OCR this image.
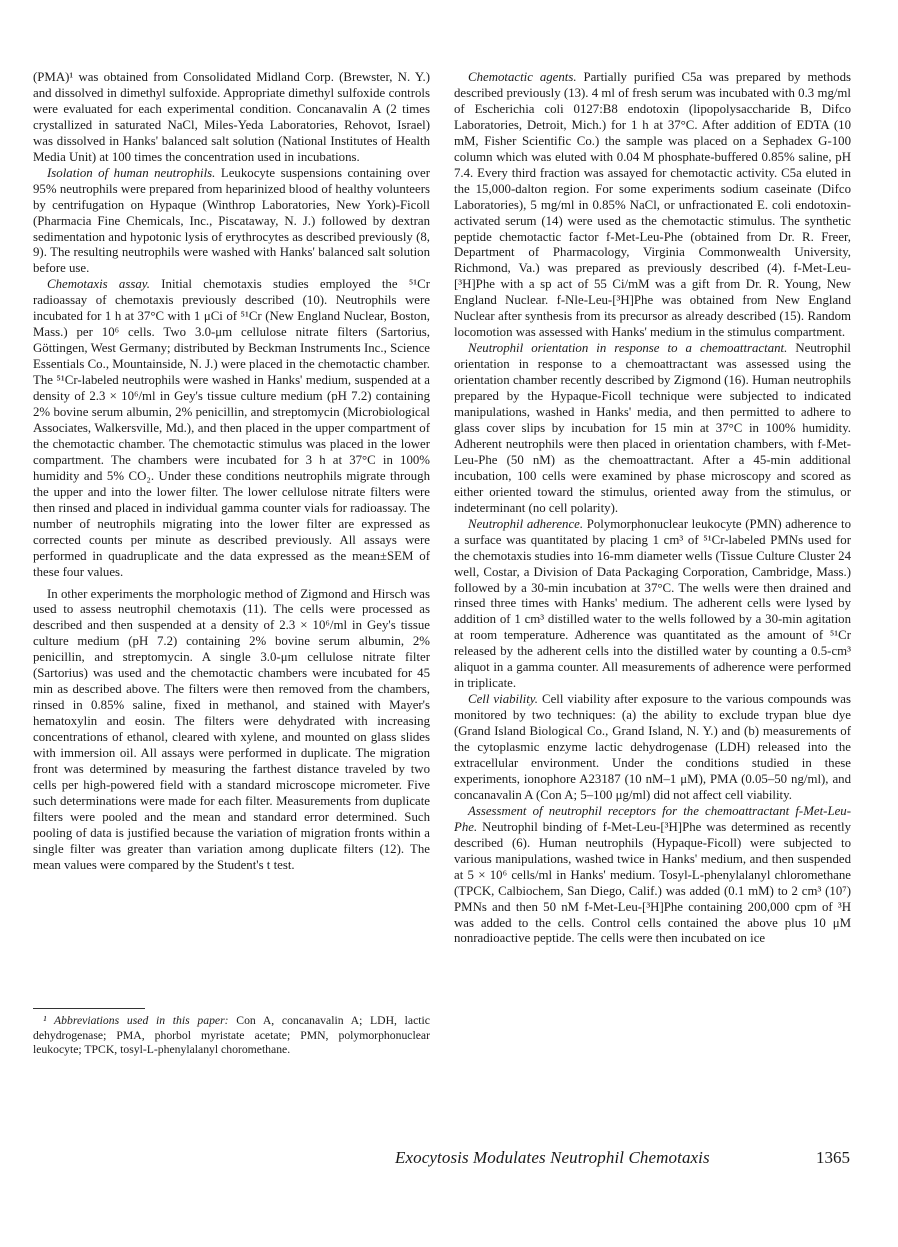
(PMA)¹ was obtained from Consolidated Midland Corp. (Brewster, N. Y.) and dissolved in dimethyl sulfoxide. Appropriate dimethyl sulfoxide controls were evaluated for each experimental condition. Concanavalin A (2 times crystallized in saturated NaCl, Miles-Yeda Laboratories, Rehovot, Israel) was dissolved in Hanks' balanced salt solution (National Institutes of Health Media Unit) at 100 times the concentration used in incubations.

Isolation of human neutrophils. Leukocyte suspensions containing over 95% neutrophils were prepared from heparinized blood of healthy volunteers by centrifugation on Hypaque (Winthrop Laboratories, New York)-Ficoll (Pharmacia Fine Chemicals, Inc., Piscataway, N. J.) followed by dextran sedimentation and hypotonic lysis of erythrocytes as described previously (8, 9). The resulting neutrophils were washed with Hanks' balanced salt solution before use.

Chemotaxis assay. Initial chemotaxis studies employed the ⁵¹Cr radioassay of chemotaxis previously described (10). Neutrophils were incubated for 1 h at 37°C with 1 μCi of ⁵¹Cr (New England Nuclear, Boston, Mass.) per 10⁶ cells. Two 3.0-μm cellulose nitrate filters (Sartorius, Göttingen, West Germany; distributed by Beckman Instruments Inc., Science Essentials Co., Mountainside, N. J.) were placed in the chemotactic chamber. The ⁵¹Cr-labeled neutrophils were washed in Hanks' medium, suspended at a density of 2.3 × 10⁶/ml in Gey's tissue culture medium (pH 7.2) containing 2% bovine serum albumin, 2% penicillin, and streptomycin (Microbiological Associates, Walkersville, Md.), and then placed in the upper compartment of the chemotactic chamber. The chemotactic stimulus was placed in the lower compartment. The chambers were incubated for 3 h at 37°C in 100% humidity and 5% CO₂. Under these conditions neutrophils migrate through the upper and into the lower filter. The lower cellulose nitrate filters were then rinsed and placed in individual gamma counter vials for radioassay. The number of neutrophils migrating into the lower filter are expressed as corrected counts per minute as described previously. All assays were performed in quadruplicate and the data expressed as the mean±SEM of these four values.

In other experiments the morphologic method of Zigmond and Hirsch was used to assess neutrophil chemotaxis (11). The cells were processed as described and then suspended at a density of 2.3 × 10⁶/ml in Gey's tissue culture medium (pH 7.2) containing 2% bovine serum albumin, 2% penicillin, and streptomycin. A single 3.0-μm cellulose nitrate filter (Sartorius) was used and the chemotactic chambers were incubated for 45 min as described above. The filters were then removed from the chambers, rinsed in 0.85% saline, fixed in methanol, and stained with Mayer's hematoxylin and eosin. The filters were dehydrated with increasing concentrations of ethanol, cleared with xylene, and mounted on glass slides with immersion oil. All assays were performed in duplicate. The migration front was determined by measuring the farthest distance traveled by two cells per high-powered field with a standard microscope micrometer. Five such determinations were made for each filter. Measurements from duplicate filters were pooled and the mean and standard error determined. Such pooling of data is justified because the variation of migration fronts within a single filter was greater than variation among duplicate filters (12). The mean values were compared by the Student's t test.

¹ Abbreviations used in this paper: Con A, concanavalin A; LDH, lactic dehydrogenase; PMA, phorbol myristate acetate; PMN, polymorphonuclear leukocyte; TPCK, tosyl-L-phenylalanyl choromethane.

Chemotactic agents. Partially purified C5a was prepared by methods described previously (13). 4 ml of fresh serum was incubated with 0.3 mg/ml of Escherichia coli 0127:B8 endotoxin (lipopolysaccharide B, Difco Laboratories, Detroit, Mich.) for 1 h at 37°C. After addition of EDTA (10 mM, Fisher Scientific Co.) the sample was placed on a Sephadex G-100 column which was eluted with 0.04 M phosphate-buffered 0.85% saline, pH 7.4. Every third fraction was assayed for chemotactic activity. C5a eluted in the 15,000-dalton region. For some experiments sodium caseinate (Difco Laboratories), 5 mg/ml in 0.85% NaCl, or unfractionated E. coli endotoxin-activated serum (14) were used as the chemotactic stimulus. The synthetic peptide chemotactic factor f-Met-Leu-Phe (obtained from Dr. R. Freer, Department of Pharmacology, Virginia Commonwealth University, Richmond, Va.) was prepared as previously described (4). f-Met-Leu-[³H]Phe with a sp act of 55 Ci/mM was a gift from Dr. R. Young, New England Nuclear. f-Nle-Leu-[³H]Phe was obtained from New England Nuclear after synthesis from its precursor as already described (15). Random locomotion was assessed with Hanks' medium in the stimulus compartment.

Neutrophil orientation in response to a chemoattractant. Neutrophil orientation in response to a chemoattractant was assessed using the orientation chamber recently described by Zigmond (16). Human neutrophils prepared by the Hypaque-Ficoll technique were subjected to indicated manipulations, washed in Hanks' media, and then permitted to adhere to glass cover slips by incubation for 15 min at 37°C in 100% humidity. Adherent neutrophils were then placed in orientation chambers, with f-Met-Leu-Phe (50 nM) as the chemoattractant. After a 45-min additional incubation, 100 cells were examined by phase microscopy and scored as either oriented toward the stimulus, oriented away from the stimulus, or indeterminant (no cell polarity).

Neutrophil adherence. Polymorphonuclear leukocyte (PMN) adherence to a surface was quantitated by placing 1 cm³ of ⁵¹Cr-labeled PMNs used for the chemotaxis studies into 16-mm diameter wells (Tissue Culture Cluster 24 well, Costar, a Division of Data Packaging Corporation, Cambridge, Mass.) followed by a 30-min incubation at 37°C. The wells were then drained and rinsed three times with Hanks' medium. The adherent cells were lysed by addition of 1 cm³ distilled water to the wells followed by a 30-min agitation at room temperature. Adherence was quantitated as the amount of ⁵¹Cr released by the adherent cells into the distilled water by counting a 0.5-cm³ aliquot in a gamma counter. All measurements of adherence were performed in triplicate.

Cell viability. Cell viability after exposure to the various compounds was monitored by two techniques: (a) the ability to exclude trypan blue dye (Grand Island Biological Co., Grand Island, N. Y.) and (b) measurements of the cytoplasmic enzyme lactic dehydrogenase (LDH) released into the extracellular environment. Under the conditions studied in these experiments, ionophore A23187 (10 nM–1 μM), PMA (0.05–50 ng/ml), and concanavalin A (Con A; 5–100 μg/ml) did not affect cell viability.

Assessment of neutrophil receptors for the chemoattractant f-Met-Leu-Phe. Neutrophil binding of f-Met-Leu-[³H]Phe was determined as recently described (6). Human neutrophils (Hypaque-Ficoll) were subjected to various manipulations, washed twice in Hanks' medium, and then suspended at 5 × 10⁶ cells/ml in Hanks' medium. Tosyl-L-phenylalanyl chloromethane (TPCK, Calbiochem, San Diego, Calif.) was added (0.1 mM) to 2 cm³ (10⁷) PMNs and then 50 nM f-Met-Leu-[³H]Phe containing 200,000 cpm of ³H was added to the cells. Control cells contained the above plus 10 μM nonradioactive peptide. The cells were then incubated on ice

Exocytosis Modulates Neutrophil Chemotaxis	1365
